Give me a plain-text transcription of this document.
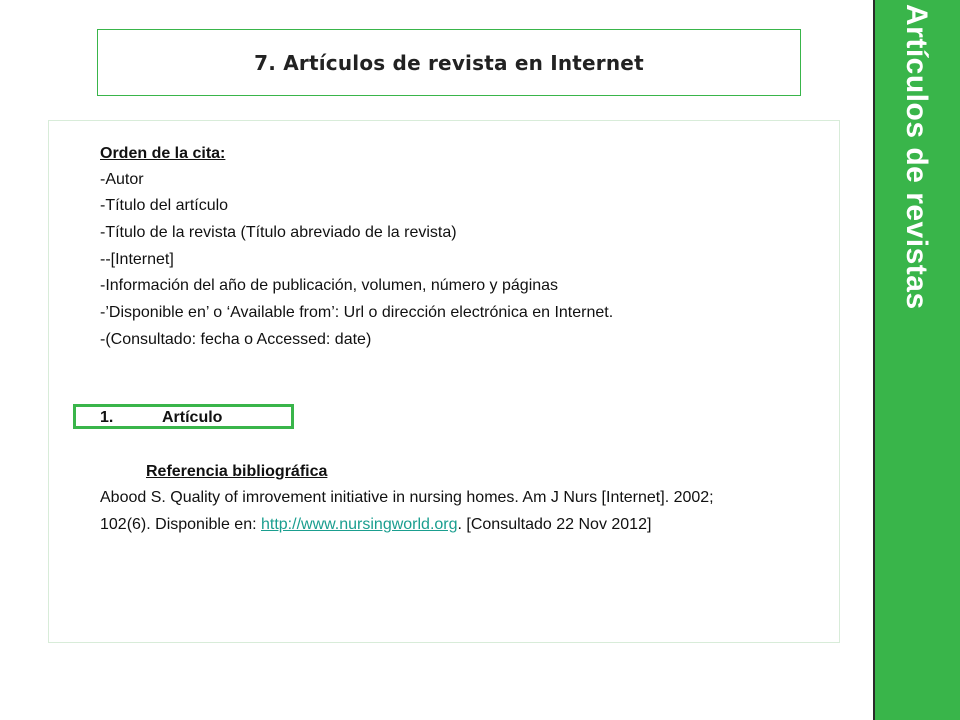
7. Artículos de revista en Internet
Orden de la cita:
-Autor
-Título del artículo
-Título de la revista (Título abreviado de la revista)
--[Internet]
-Información del año de publicación, volumen, número y páginas
-’Disponible en’ o ‘Available from’: Url o dirección electrónica en Internet.
-(Consultado: fecha o Accessed: date)
1.	Artículo
Referencia bibliográfica
Abood S. Quality of imrovement initiative in nursing homes. Am J Nurs [Internet]. 2002;
102(6). Disponible en: http://www.nursingworld.org. [Consultado 22 Nov 2012]
Artículos de revistas
